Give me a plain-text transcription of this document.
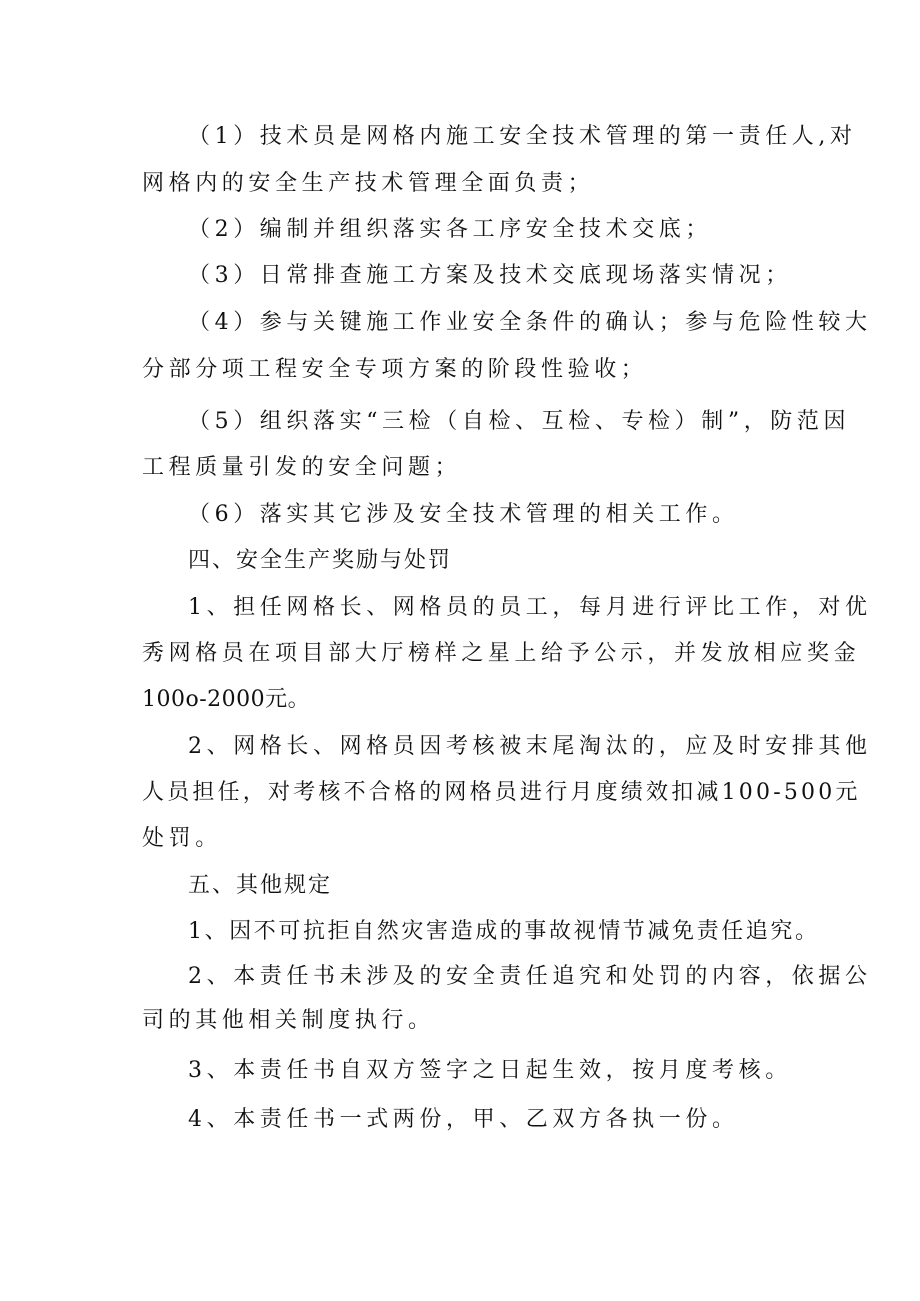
（1）技术员是网格内施工安全技术管理的第一责任人,对
网格内的安全生产技术管理全面负责；
（2）编制并组织落实各工序安全技术交底；
（3）日常排查施工方案及技术交底现场落实情况；
（4）参与关键施工作业安全条件的确认；参与危险性较大
分部分项工程安全专项方案的阶段性验收；
（5）组织落实“三检（自检、互检、专检）制”，防范因
工程质量引发的安全问题；
（6）落实其它涉及安全技术管理的相关工作。
四、安全生产奖励与处罚
1、担任网格长、网格员的员工，每月进行评比工作，对优
秀网格员在项目部大厅榜样之星上给予公示，并发放相应奖金
100o-2000元。
2、网格长、网格员因考核被末尾淘汰的，应及时安排其他
人员担任，对考核不合格的网格员进行月度绩效扣减100-500元
处罚。
五、其他规定
1、因不可抗拒自然灾害造成的事故视情节减免责任追究。
2、本责任书未涉及的安全责任追究和处罚的内容，依据公
司的其他相关制度执行。
3、本责任书自双方签字之日起生效，按月度考核。
4、本责任书一式两份，甲、乙双方各执一份。
